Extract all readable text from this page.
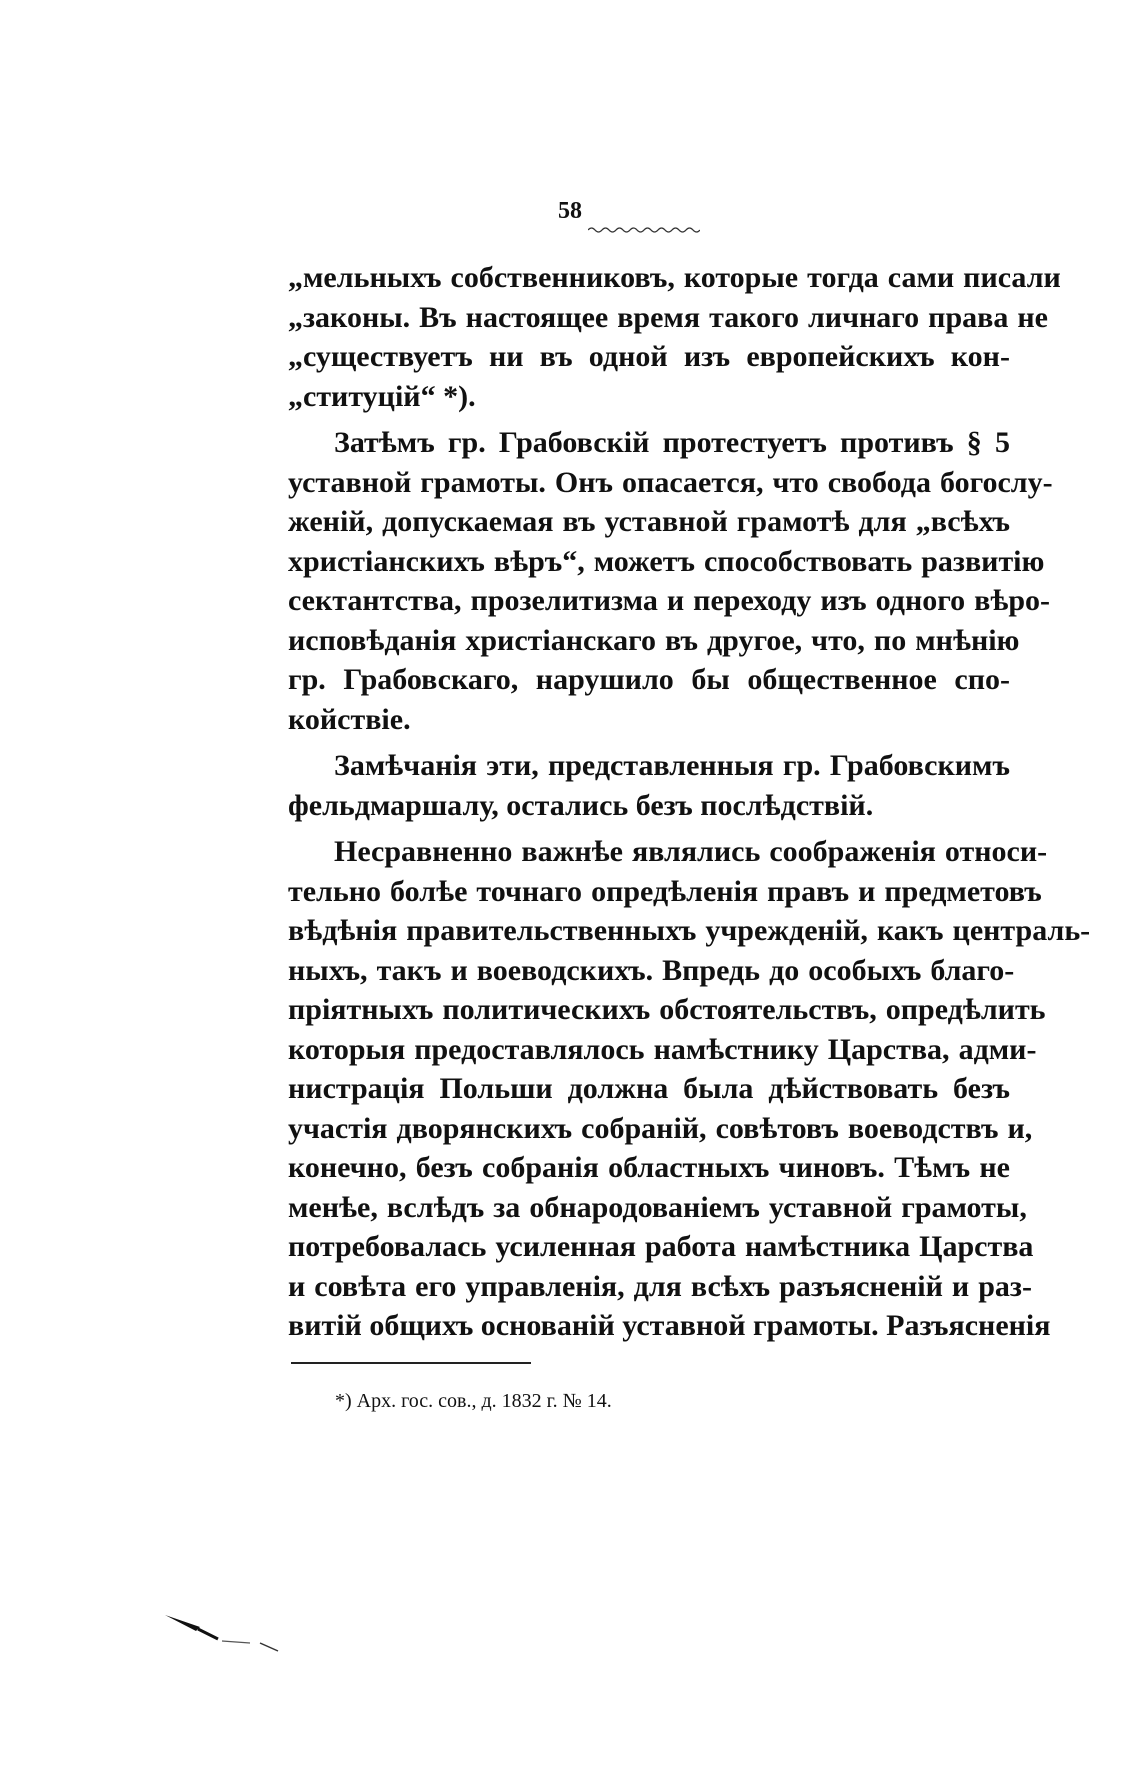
58
„мельныхъ собственниковъ, которые тогда сами писали
„законы. Въ настоящее время такого личнаго права не
„существуетъ ни въ одной изъ европейскихъ кон-
„ституцій“ *).
Затѣмъ гр. Грабовскій протестуетъ противъ § 5
уставной грамоты. Онъ опасается, что свобода богослу-
женій, допускаемая въ уставной грамотѣ для „всѣхъ
христіанскихъ вѣръ“, можетъ способствовать развитію
сектантства, прозелитизма и переходу изъ одного вѣро-
исповѣданія христіанскаго въ другое, что, по мнѣнію
гр. Грабовскаго, нарушило бы общественное спо-
койствіе.
Замѣчанія эти, представленныя гр. Грабовскимъ
фельдмаршалу, остались безъ послѣдствій.
Несравненно важнѣе являлись соображенія относи-
тельно болѣе точнаго опредѣленія правъ и предметовъ
вѣдѣнія правительственныхъ учрежденій, какъ централь-
ныхъ, такъ и воеводскихъ. Впредь до особыхъ благо-
пріятныхъ политическихъ обстоятельствъ, опредѣлить
которыя предоставлялось намѣстнику Царства, адми-
нистрація Польши должна была дѣйствовать безъ
участія дворянскихъ собраній, совѣтовъ воеводствъ и,
конечно, безъ собранія областныхъ чиновъ. Тѣмъ не
менѣе, вслѣдъ за обнародованіемъ уставной грамоты,
потребовалась усиленная работа намѣстника Царства
и совѣта его управленія, для всѣхъ разъясненій и раз-
витій общихъ основаній уставной грамоты. Разъясненія
*) Арх. гос. сов., д. 1832 г. № 14.
